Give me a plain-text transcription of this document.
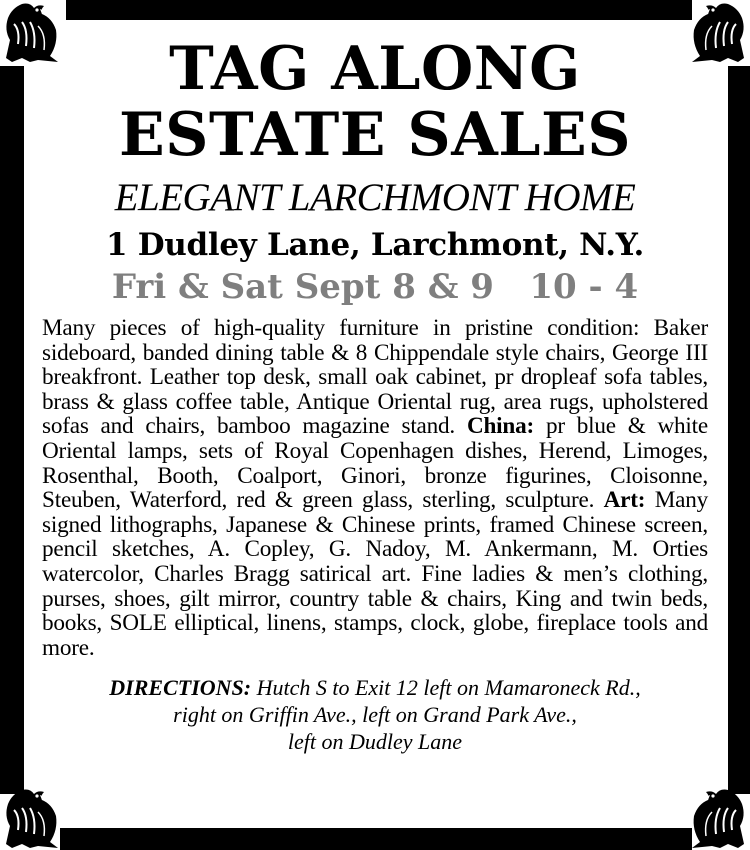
TAG ALONG
ESTATE SALES
ELEGANT LARCHMONT HOME
1 Dudley Lane, Larchmont, N.Y.
Fri & Sat Sept 8 & 9   10 - 4
Many pieces of high-quality furniture in pristine condition: Baker sideboard, banded dining table & 8 Chippendale style chairs, George III breakfront. Leather top desk, small oak cabinet, pr dropleaf sofa tables, brass & glass coffee table, Antique Oriental rug, area rugs, upholstered sofas and chairs, bamboo magazine stand. China: pr blue & white Oriental lamps, sets of Royal Copenhagen dishes, Herend, Limoges, Rosenthal, Booth, Coalport, Ginori, bronze figurines, Cloisonne, Steuben, Waterford, red & green glass, sterling, sculpture. Art: Many signed lithographs, Japanese & Chinese prints, framed Chinese screen, pencil sketches, A. Copley, G. Nadoy, M. Ankermann, M. Orties watercolor, Charles Bragg satirical art. Fine ladies & men’s clothing, purses, shoes, gilt mirror, country table & chairs, King and twin beds, books, SOLE elliptical, linens, stamps, clock, globe, fireplace tools and more.
DIRECTIONS: Hutch S to Exit 12 left on Mamaroneck Rd.,
right on Griffin Ave., left on Grand Park Ave.,
left on Dudley Lane
